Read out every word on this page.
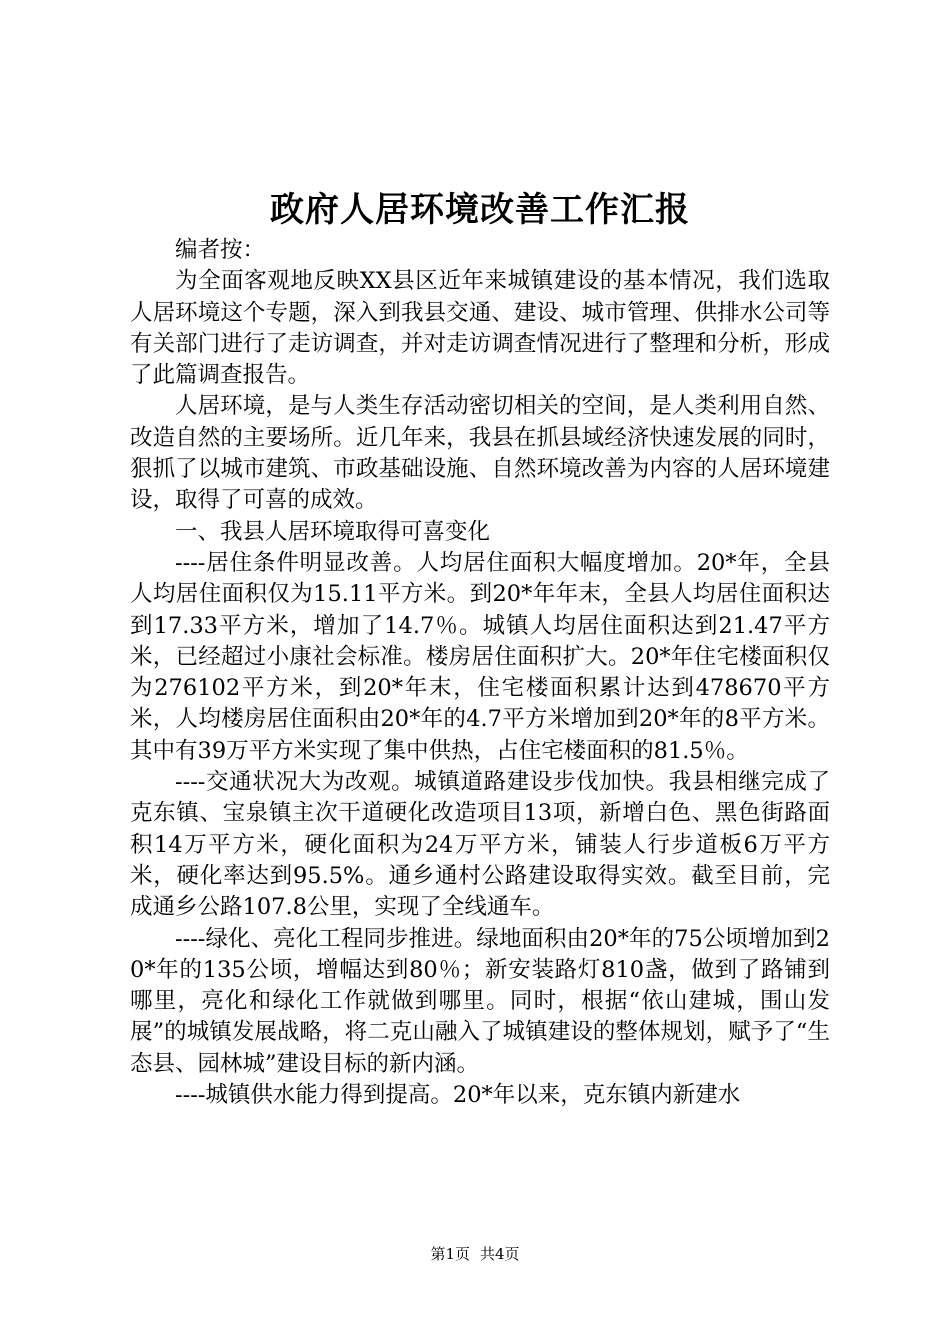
政府人居环境改善工作汇报

编者按：

为全面客观地反映XX县区近年来城镇建设的基本情况，我们选取人居环境这个专题，深入到我县交通、建设、城市管理、供排水公司等有关部门进行了走访调查，并对走访调查情况进行了整理和分析，形成了此篇调查报告。

人居环境，是与人类生存活动密切相关的空间，是人类利用自然、改造自然的主要场所。近几年来，我县在抓县域经济快速发展的同时，狠抓了以城市建筑、市政基础设施、自然环境改善为内容的人居环境建设，取得了可喜的成效。

一、我县人居环境取得可喜变化

----居住条件明显改善。人均居住面积大幅度增加。20*年，全县人均居住面积仅为15.11平方米。到20*年年末，全县人均居住面积达到17.33平方米，增加了14.7％。城镇人均居住面积达到21.47平方米，已经超过小康社会标准。楼房居住面积扩大。20*年住宅楼面积仅为276102平方米，到20*年末，住宅楼面积累计达到478670平方米，人均楼房居住面积由20*年的4.7平方米增加到20*年的8平方米。其中有39万平方米实现了集中供热，占住宅楼面积的81.5％。

----交通状况大为改观。城镇道路建设步伐加快。我县相继完成了克东镇、宝泉镇主次干道硬化改造项目13项，新增白色、黑色街路面积14万平方米，硬化面积为24万平方米，铺装人行步道板6万平方米，硬化率达到95.5%。通乡通村公路建设取得实效。截至目前，完成通乡公路107.8公里，实现了全线通车。

----绿化、亮化工程同步推进。绿地面积由20*年的75公顷增加到20*年的135公顷，增幅达到80％；新安装路灯810盏，做到了路铺到哪里，亮化和绿化工作就做到哪里。同时，根据“依山建城，围山发展”的城镇发展战略，将二克山融入了城镇建设的整体规划，赋予了“生态县、园林城”建设目标的新内涵。

----城镇供水能力得到提高。20*年以来，克东镇内新建水

第1页 共4页
